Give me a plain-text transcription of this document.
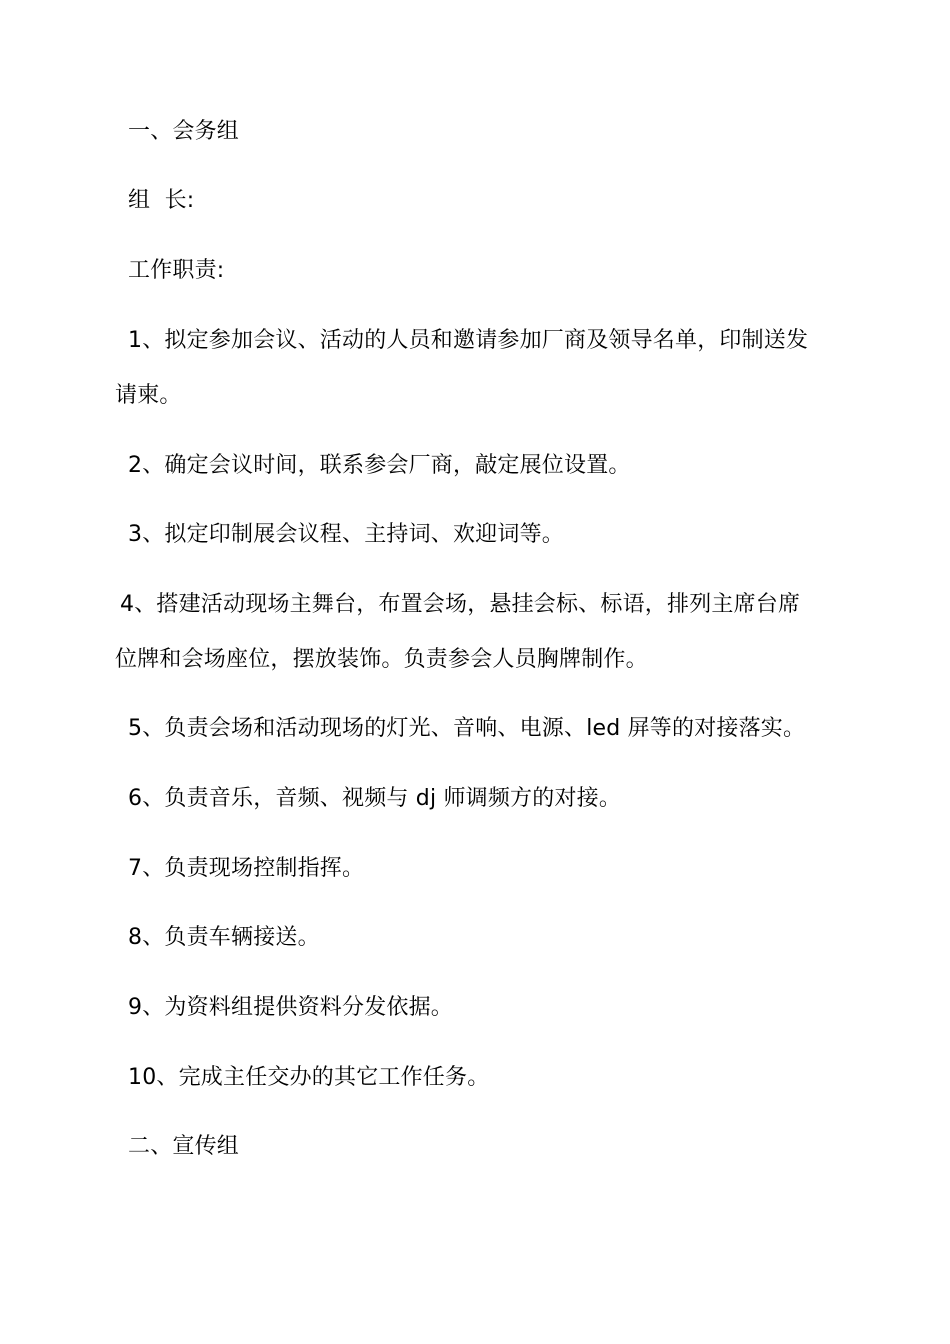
一、会务组
组  长:
工作职责:
1、拟定参加会议、活动的人员和邀请参加厂商及领导名单，印制送发
请柬。
2、确定会议时间，联系参会厂商，敲定展位设置。
3、拟定印制展会议程、主持词、欢迎词等。
4、搭建活动现场主舞台，布置会场，悬挂会标、标语，排列主席台席
位牌和会场座位，摆放装饰。负责参会人员胸牌制作。
5、负责会场和活动现场的灯光、音响、电源、led 屏等的对接落实。
6、负责音乐，音频、视频与 dj 师调频方的对接。
7、负责现场控制指挥。
8、负责车辆接送。
9、为资料组提供资料分发依据。
10、完成主任交办的其它工作任务。
二、宣传组
